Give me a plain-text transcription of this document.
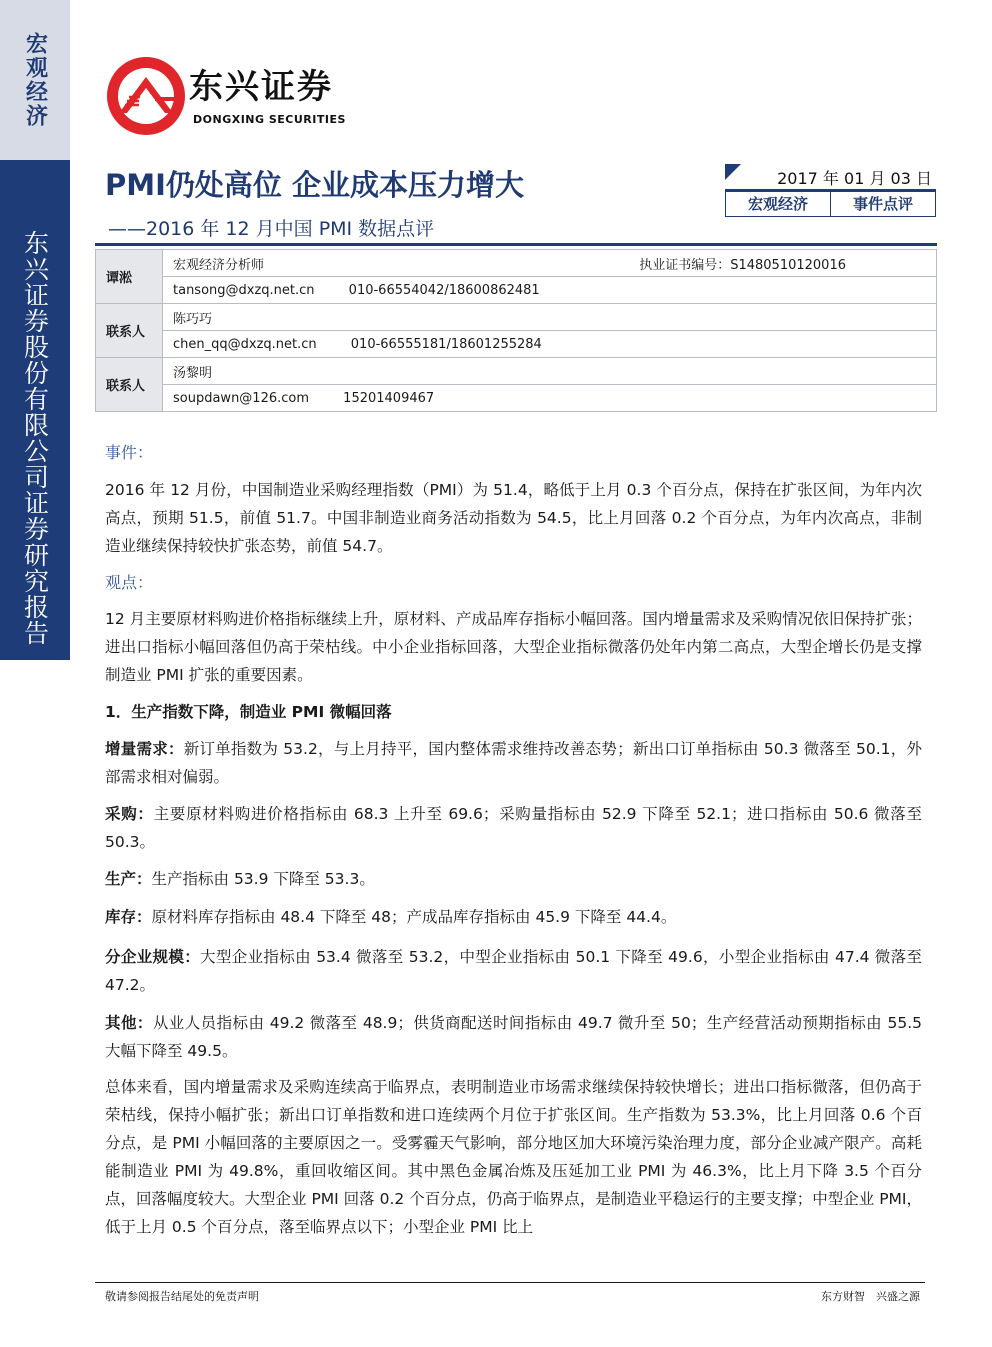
宏观经济
东兴证券股份有限公司证券研究报告
东兴证券
DONGXING SECURITIES
PMI仍处高位 企业成本压力增大
——2016 年 12 月中国 PMI 数据点评
2017 年 01 月 03 日
宏观经济	事件点评
谭淞	宏观经济分析师 执业证书编号：S1480510120016

	tansong@dxzq.net.cn 010-66554042/18600862481
联系人	陈巧巧
	chen_qq@dxzq.net.cn 010-66555181/18601255284
联系人	汤黎明
	soupdawn@126.com 15201409467
事件：
2016 年 12 月份，中国制造业采购经理指数（PMI）为 51.4，略低于上月 0.3 个百分点，保持在扩张区间，为年内次高点，预期 51.5，前值 51.7。中国非制造业商务活动指数为 54.5，比上月回落 0.2 个百分点，为年内次高点，非制造业继续保持较快扩张态势，前值 54.7。
观点：
12 月主要原材料购进价格指标继续上升，原材料、产成品库存指标小幅回落。国内增量需求及采购情况依旧保持扩张；进出口指标小幅回落但仍高于荣枯线。中小企业指标回落，大型企业指标微落仍处年内第二高点，大型企增长仍是支撑制造业 PMI 扩张的重要因素。
1．生产指数下降，制造业 PMI 微幅回落
增量需求：新订单指数为 53.2，与上月持平，国内整体需求维持改善态势；新出口订单指标由 50.3 微落至 50.1，外部需求相对偏弱。
采购：主要原材料购进价格指标由 68.3 上升至 69.6；采购量指标由 52.9 下降至 52.1；进口指标由 50.6 微落至 50.3。
生产：生产指标由 53.9 下降至 53.3。
库存：原材料库存指标由 48.4 下降至 48；产成品库存指标由 45.9 下降至 44.4。
分企业规模：大型企业指标由 53.4 微落至 53.2，中型企业指标由 50.1 下降至 49.6，小型企业指标由 47.4 微落至 47.2。
其他：从业人员指标由 49.2 微落至 48.9；供货商配送时间指标由 49.7 微升至 50；生产经营活动预期指标由 55.5 大幅下降至 49.5。
总体来看，国内增量需求及采购连续高于临界点，表明制造业市场需求继续保持较快增长；进出口指标微落，但仍高于荣枯线，保持小幅扩张；新出口订单指数和进口连续两个月位于扩张区间。生产指数为 53.3%，比上月回落 0.6 个百分点，是 PMI 小幅回落的主要原因之一。受雾霾天气影响，部分地区加大环境污染治理力度，部分企业减产限产。高耗能制造业 PMI 为 49.8%，重回收缩区间。其中黑色金属冶炼及压延加工业 PMI 为 46.3%，比上月下降 3.5 个百分点，回落幅度较大。大型企业 PMI 回落 0.2 个百分点，仍高于临界点，是制造业平稳运行的主要支撑；中型企业 PMI，低于上月 0.5 个百分点，落至临界点以下；小型企业 PMI 比上
敬请参阅报告结尾处的免责声明	东方财智　兴盛之源
